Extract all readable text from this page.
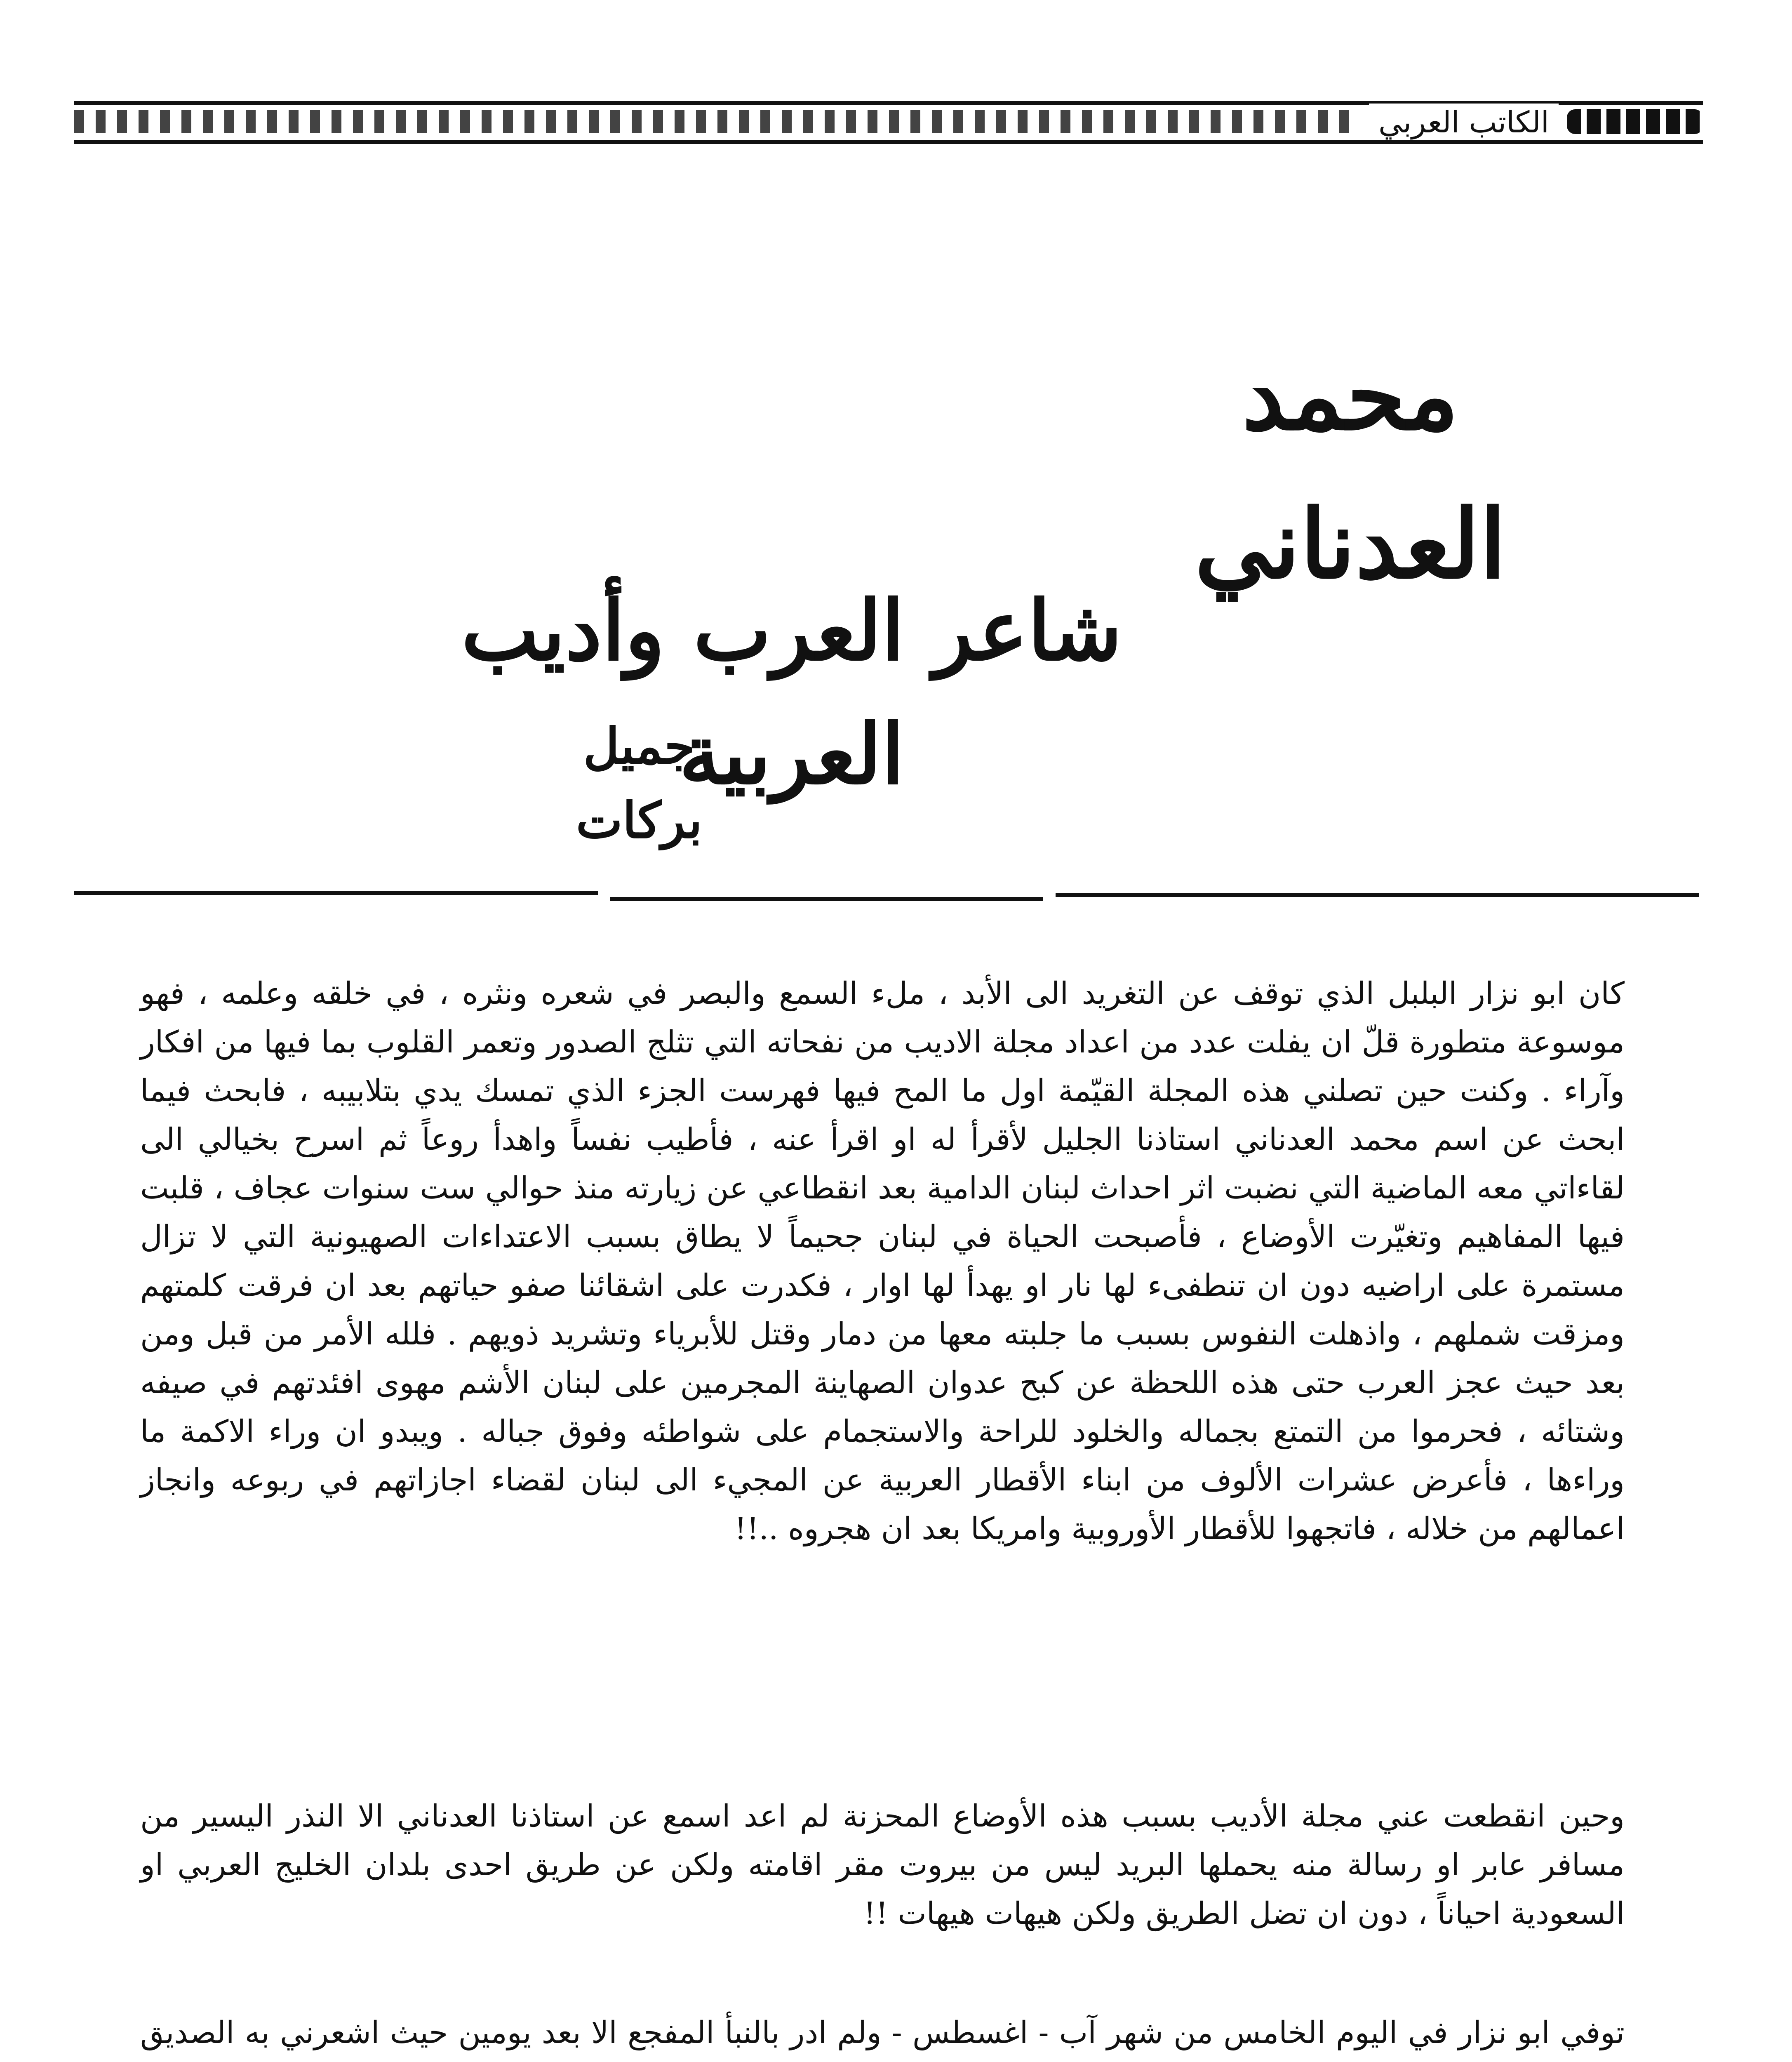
الكاتب العربي
محمد العدناني
شاعر العرب وأديب العربية
جميل بركات

كان ابو نزار البلبل الذي توقف عن التغريد الى الأبد ، ملء السمع والبصر في شعره ونثره ، في خلقه وعلمه ، فهو موسوعة متطورة قلّ ان يفلت عدد من اعداد مجلة الاديب من نفحاته التي تثلج الصدور وتعمر القلوب بما فيها من افكار وآراء . وكنت حين تصلني هذه المجلة القيّمة اول ما المح فيها فهرست الجزء الذي تمسك يدي بتلابيبه ، فابحث فيما ابحث عن اسم محمد العدناني استاذنا الجليل لأقرأ له او اقرأ عنه ، فأطيب نفساً واهدأ روعاً ثم اسرح بخيالي الى لقاءاتي معه الماضية التي نضبت اثر احداث لبنان الدامية بعد انقطاعي عن زيارته منذ حوالي ست سنوات عجاف ، قلبت فيها المفاهيم وتغيّرت الأوضاع ، فأصبحت الحياة في لبنان جحيماً لا يطاق بسبب الاعتداءات الصهيونية التي لا تزال مستمرة على اراضيه دون ان تنطفىء لها نار او يهدأ لها اوار ، فكدرت على اشقائنا صفو حياتهم بعد ان فرقت كلمتهم ومزقت شملهم ، واذهلت النفوس بسبب ما جلبته معها من دمار وقتل للأبرياء وتشريد ذويهم . فلله الأمر من قبل ومن بعد حيث عجز العرب حتى هذه اللحظة عن كبح عدوان الصهاينة المجرمين على لبنان الأشم مهوى افئدتهم في صيفه وشتائه ، فحرموا من التمتع بجماله والخلود للراحة والاستجمام على شواطئه وفوق جباله . ويبدو ان وراء الاكمة ما وراءها ، فأعرض عشرات الألوف من ابناء الأقطار العربية عن المجيء الى لبنان لقضاء اجازاتهم في ربوعه وانجاز اعمالهم من خلاله ، فاتجهوا للأقطار الأوروبية وامريكا بعد ان هجروه ..!!

وحين انقطعت عني مجلة الأديب بسبب هذه الأوضاع المحزنة لم اعد اسمع عن استاذنا العدناني الا النذر اليسير من مسافر عابر او رسالة منه يحملها البريد ليس من بيروت مقر اقامته ولكن عن طريق احدى بلدان الخليج العربي او السعودية احياناً ، دون ان تضل الطريق ولكن هيهات هيهات !!

توفي ابو نزار في اليوم الخامس من شهر آب - اغسطس - ولم ادر بالنبأ المفجع الا بعد يومين حيث اشعرني به الصديق
